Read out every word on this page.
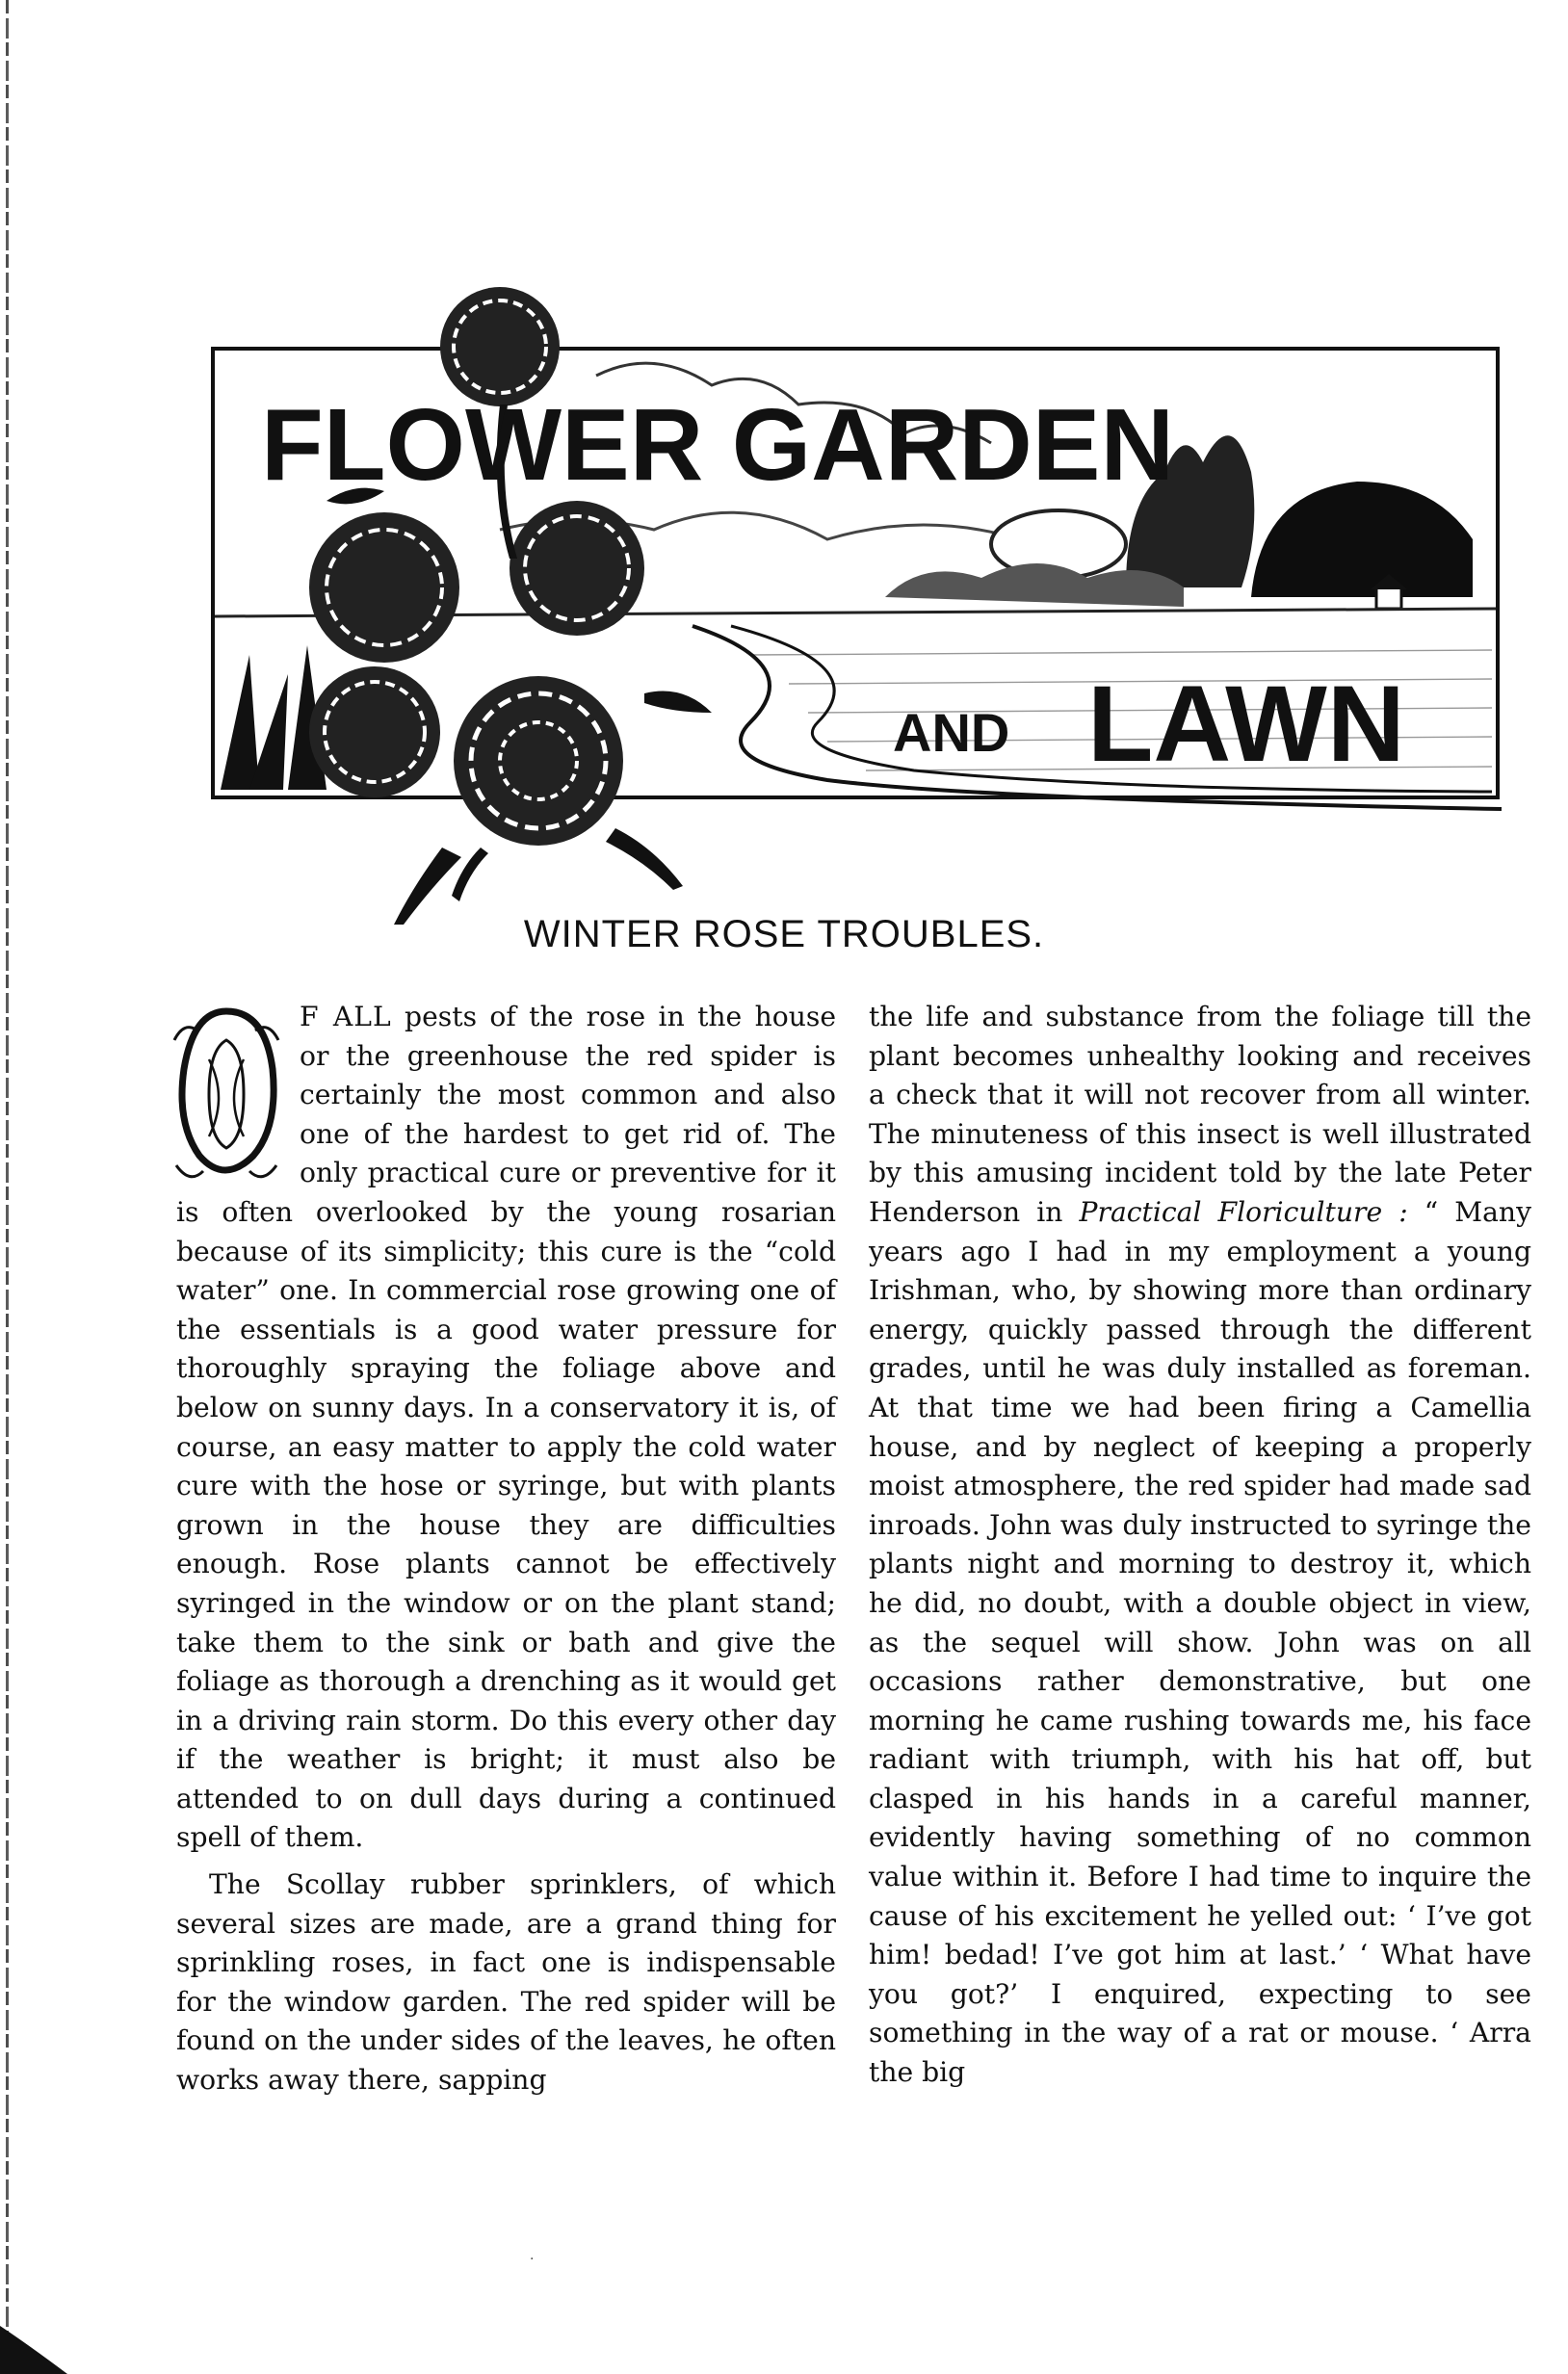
FLOWER GARDEN
AND LAWN
WINTER ROSE TROUBLES.

O
F ALL pests of the rose in the house or the greenhouse the red spider is certainly the most common and also one of the hardest to get rid of. The only practical cure or preventive for it is often overlooked by the young rosarian because of its simplicity; this cure is the “cold water” one. In commercial rose growing one of the essentials is a good water pressure for thoroughly spraying the foliage above and below on sunny days. In a conservatory it is, of course, an easy matter to apply the cold water cure with the hose or syringe, but with plants grown in the house they are difficulties enough. Rose plants cannot be effectively syringed in the window or on the plant stand; take them to the sink or bath and give the foliage as thorough a drenching as it would get in a driving rain storm. Do this every other day if the weather is bright; it must also be attended to on dull days during a continued spell of them.

The Scollay rubber sprinklers, of which several sizes are made, are a grand thing for sprinkling roses, in fact one is indispensable for the window garden. The red spider will be found on the under sides of the leaves, he often works away there, sapping

the life and substance from the foliage till the plant becomes unhealthy looking and receives a check that it will not recover from all winter. The minuteness of this insect is well illustrated by this amusing incident told by the late Peter Henderson in Practical Floriculture : “ Many years ago I had in my employment a young Irishman, who, by showing more than ordinary energy, quickly passed through the different grades, until he was duly installed as foreman. At that time we had been firing a Camellia house, and by neglect of keeping a properly moist atmosphere, the red spider had made sad inroads. John was duly instructed to syringe the plants night and morning to destroy it, which he did, no doubt, with a double object in view, as the sequel will show. John was on all occasions rather demonstrative, but one morning he came rushing towards me, his face radiant with triumph, with his hat off, but clasped in his hands in a careful manner, evidently having something of no common value within it. Before I had time to inquire the cause of his excitement he yelled out: ‘ I’ve got him! bedad! I’ve got him at last.’ ‘ What have you got?’ I enquired, expecting to see something in the way of a rat or mouse. ‘ Arra the big

·
